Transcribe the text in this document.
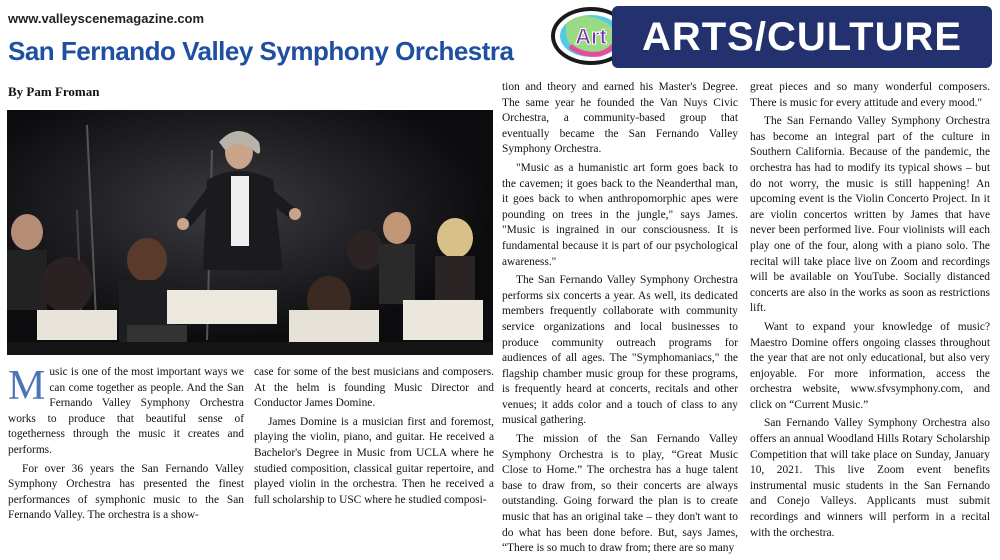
www.valleyscenemagazine.com
San Fernando Valley Symphony Orchestra
By Pam Froman
Art ARTS/CULTURE

Music is one of the most important ways we can come together as people. And the San Fernando Valley Symphony Orchestra works to produce that beautiful sense of togetherness through the music it creates and performs.

For over 36 years the San Fernando Valley Symphony Orchestra has presented the finest performances of symphonic music to the San Fernando Valley. The orchestra is a show-

case for some of the best musicians and composers. At the helm is founding Music Director and Conductor James Domine.

James Domine is a musician first and foremost, playing the violin, piano, and guitar. He received a Bachelor's Degree in Music from UCLA where he studied composition, classical guitar repertoire, and played violin in the orchestra. Then he received a full scholarship to USC where he studied composi-

tion and theory and earned his Master's Degree. The same year he founded the Van Nuys Civic Orchestra, a community-based group that eventually became the San Fernando Valley Symphony Orchestra.

"Music as a humanistic art form goes back to the cavemen; it goes back to the Neanderthal man, it goes back to when anthropomorphic apes were pounding on trees in the jungle," says James. "Music is ingrained in our consciousness. It is fundamental because it is part of our psychological awareness."

The San Fernando Valley Symphony Orchestra performs six concerts a year. As well, its dedicated members frequently collaborate with community service organizations and local businesses to produce community outreach programs for audiences of all ages. The "Symphomaniacs," the flagship chamber music group for these programs, is frequently heard at concerts, recitals and other venues; it adds color and a touch of class to any musical gathering.

The mission of the San Fernando Valley Symphony Orchestra is to play, “Great Music Close to Home.” The orchestra has a huge talent base to draw from, so their concerts are always outstanding. Going forward the plan is to create music that has an original take – they don't want to do what has been done before. But, says James, “There is so much to draw from; there are so many

great pieces and so many wonderful composers. There is music for every attitude and every mood."

The San Fernando Valley Symphony Orchestra has become an integral part of the culture in Southern California. Because of the pandemic, the orchestra has had to modify its typical shows – but do not worry, the music is still happening! An upcoming event is the Violin Concerto Project. In it are violin concertos written by James that have never been performed live. Four violinists will each play one of the four, along with a piano solo. The recital will take place live on Zoom and recordings will be available on YouTube. Socially distanced concerts are also in the works as soon as restrictions lift.

Want to expand your knowledge of music? Maestro Domine offers ongoing classes throughout the year that are not only educational, but also very enjoyable. For more information, access the orchestra website, www.sfvsymphony.com, and click on “Current Music.”

San Fernando Valley Symphony Orchestra also offers an annual Woodland Hills Rotary Scholarship Competition that will take place on Sunday, January 10, 2021. This live Zoom event benefits instrumental music students in the San Fernando and Conejo Valleys. Applicants must submit recordings and winners will perform in a recital with the orchestra.
